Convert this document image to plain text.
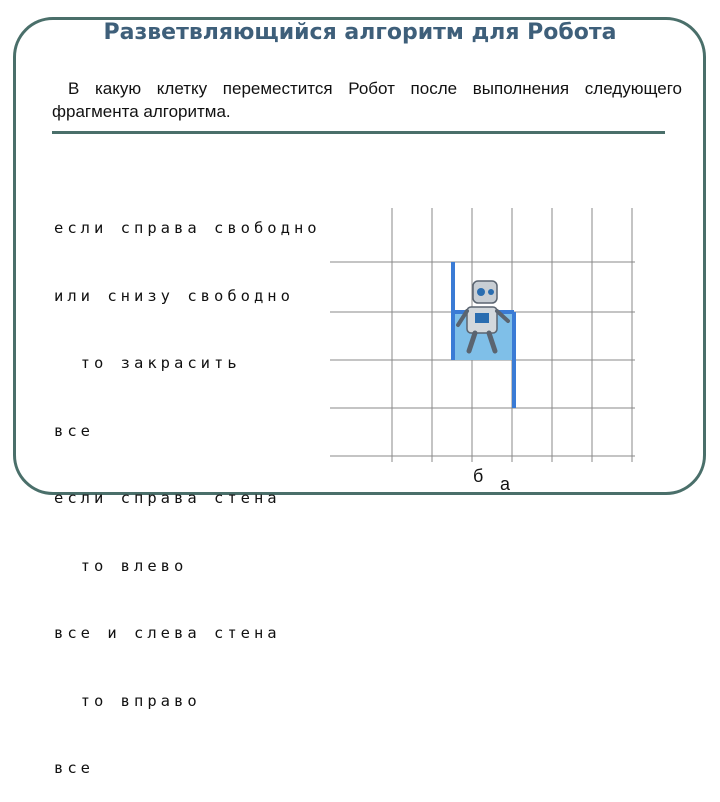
Разветвляющийся алгоритм для Робота
В какую клетку переместится Робот после выполнения следующего фрагмента алгоритма.

если справа свободно

или снизу свободно

то закрасить

все

если справа стена

то влево

все и слева стена

то вправо

все

б а
